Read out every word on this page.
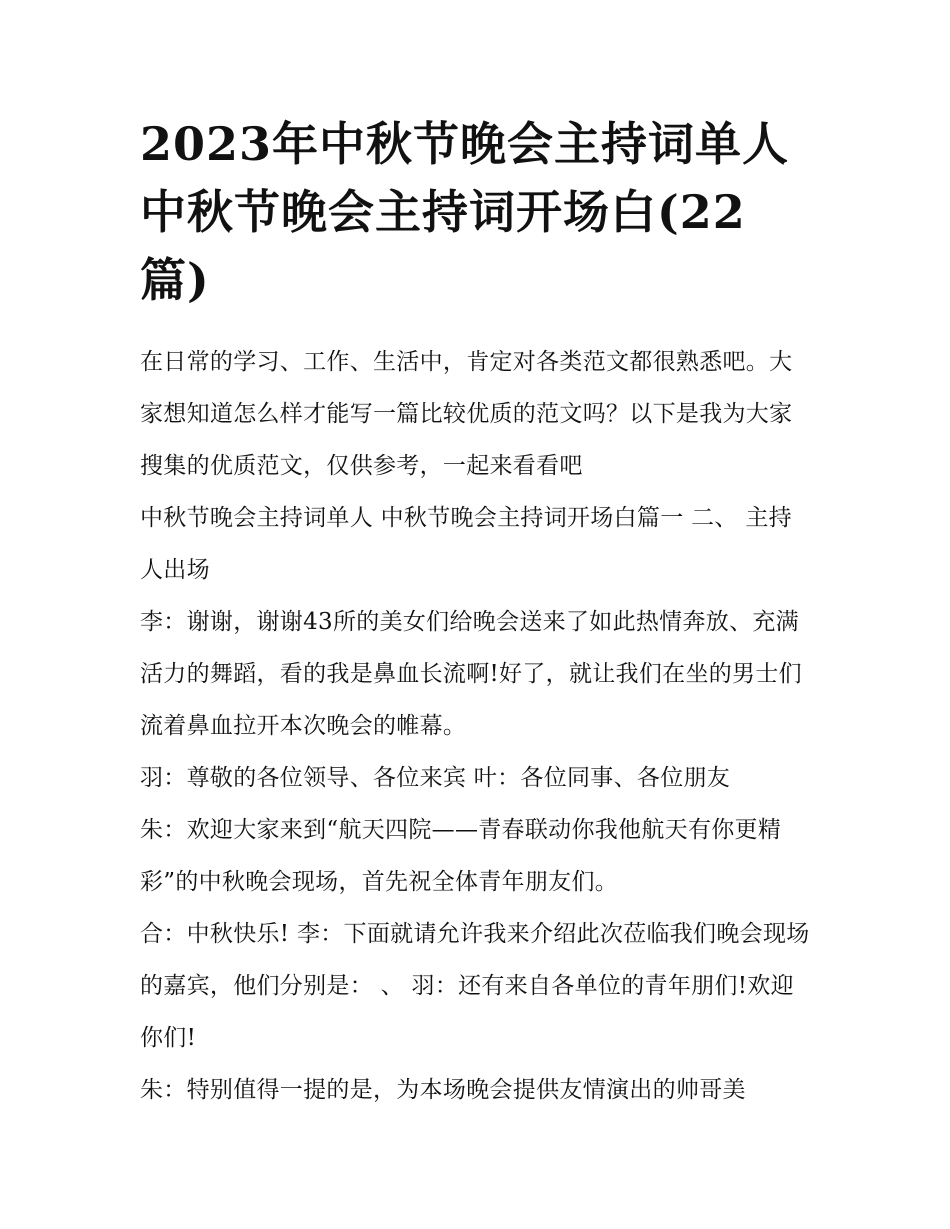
2023年中秋节晚会主持词单人
中秋节晚会主持词开场白(22
篇)

在日常的学习、工作、生活中，肯定对各类范文都很熟悉吧。大家想知道怎么样才能写一篇比较优质的范文吗？以下是我为大家搜集的优质范文，仅供参考，一起来看看吧

中秋节晚会主持词单人 中秋节晚会主持词开场白篇一 二、 主持人出场

李：谢谢，谢谢43所的美女们给晚会送来了如此热情奔放、充满活力的舞蹈，看的我是鼻血长流啊!好了，就让我们在坐的男士们流着鼻血拉开本次晚会的帷幕。

羽：尊敬的各位领导、各位来宾 叶：各位同事、各位朋友

朱：欢迎大家来到“航天四院——青春联动你我他航天有你更精彩”的中秋晚会现场，首先祝全体青年朋友们。

合：中秋快乐! 李：下面就请允许我来介绍此次莅临我们晚会现场的嘉宾，他们分别是： 、 羽：还有来自各单位的青年朋们!欢迎你们!

朱：特别值得一提的是，为本场晚会提供友情演出的帅哥美
